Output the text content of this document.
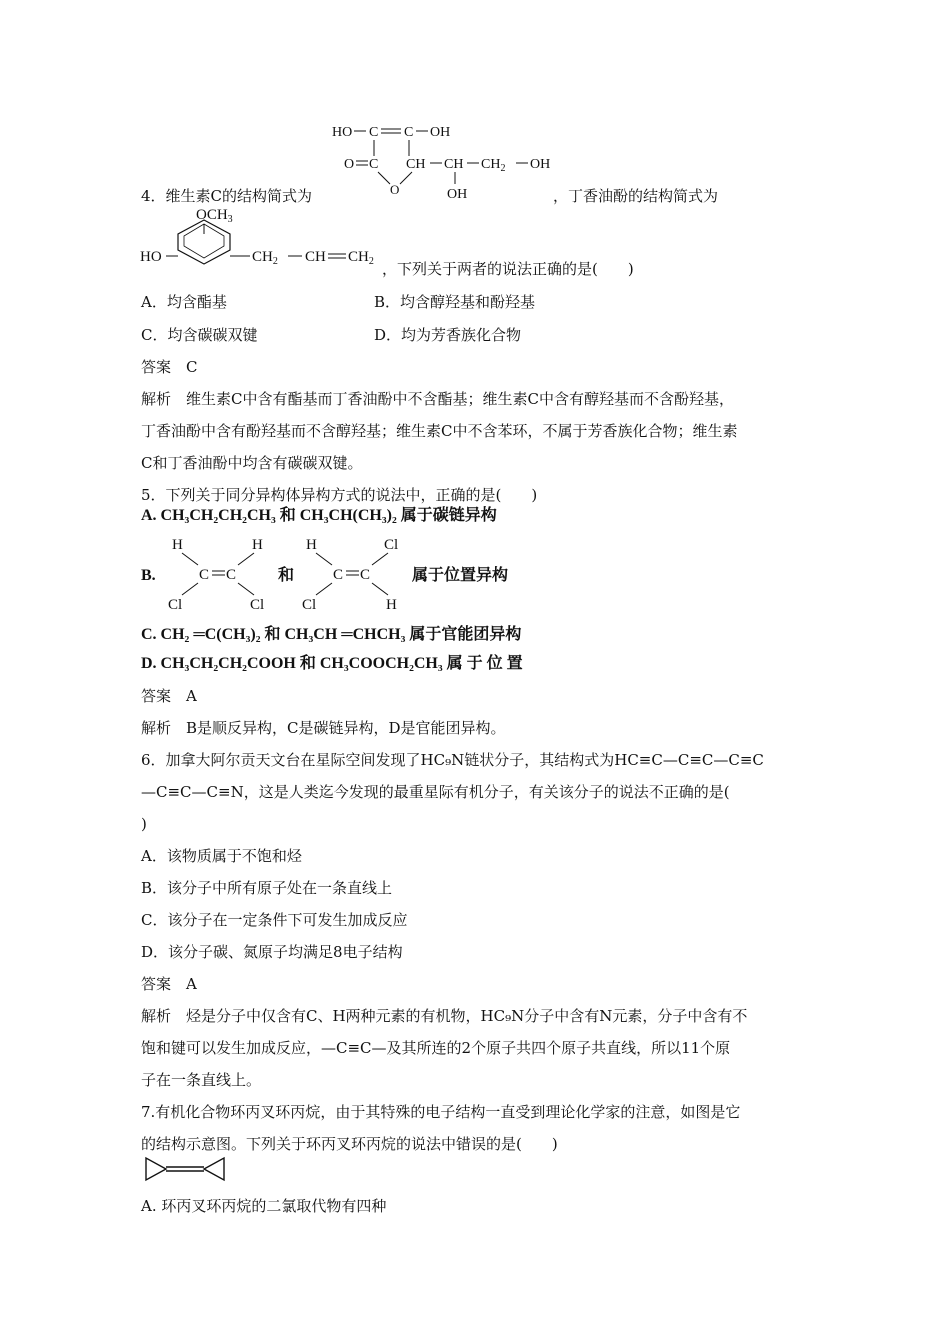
HO C C OH
O C CH CH $CH_2$ OH
O	OH
4．维生素C的结构简式为	，丁香油酚的结构简式为
$OCH_3$
HO	$CH_2$ CH $CH_2$ ，下列关于两者的说法正确的是(　　)
A．均含酯基	B．均含醇羟基和酚羟基
C．均含碳碳双键	D．均为芳香族化合物
答案　C
解析　维生素C中含有酯基而丁香油酚中不含酯基；维生素C中含有醇羟基而不含酚羟基，
丁香油酚中含有酚羟基而不含醇羟基；维生素C中不含苯环，不属于芳香族化合物；维生素
C和丁香油酚中均含有碳碳双键。
5．下列关于同分异构体异构方式的说法中，正确的是(　　)
A. CH₃CH₂CH₂CH₃ 和 CH₃CH(CH₃)₂ 属于碳链异构
B.
H	H
C C
Cl	Cl
和
H	Cl
C C
Cl	H
属于位置异构
C. CH₂ ═C(CH₃)₂ 和 CH₃CH ═CHCH₃ 属于官能团异构
D. CH₃CH₂CH₂COOH 和 CH₃COOCH₂CH₃ 属 于 位 置
答案　A
解析　B是顺反异构，C是碳链异构，D是官能团异构。
6．加拿大阿尔贡天文台在星际空间发现了HC₉N链状分子，其结构式为HC≡C—C≡C—C≡C
—C≡C—C≡N，这是人类迄今发现的最重星际有机分子，有关该分子的说法不正确的是(
)
A．该物质属于不饱和烃
B．该分子中所有原子处在一条直线上
C．该分子在一定条件下可发生加成反应
D．该分子碳、氮原子均满足8电子结构
答案　A
解析　烃是分子中仅含有C、H两种元素的有机物，HC₉N分子中含有N元素，分子中含有不
饱和键可以发生加成反应，—C≡C—及其所连的2个原子共四个原子共直线，所以11个原
子在一条直线上。
7.有机化合物环丙叉环丙烷，由于其特殊的电子结构一直受到理论化学家的注意，如图是它
的结构示意图。下列关于环丙叉环丙烷的说法中错误的是(　　)
A. 环丙叉环丙烷的二氯取代物有四种
